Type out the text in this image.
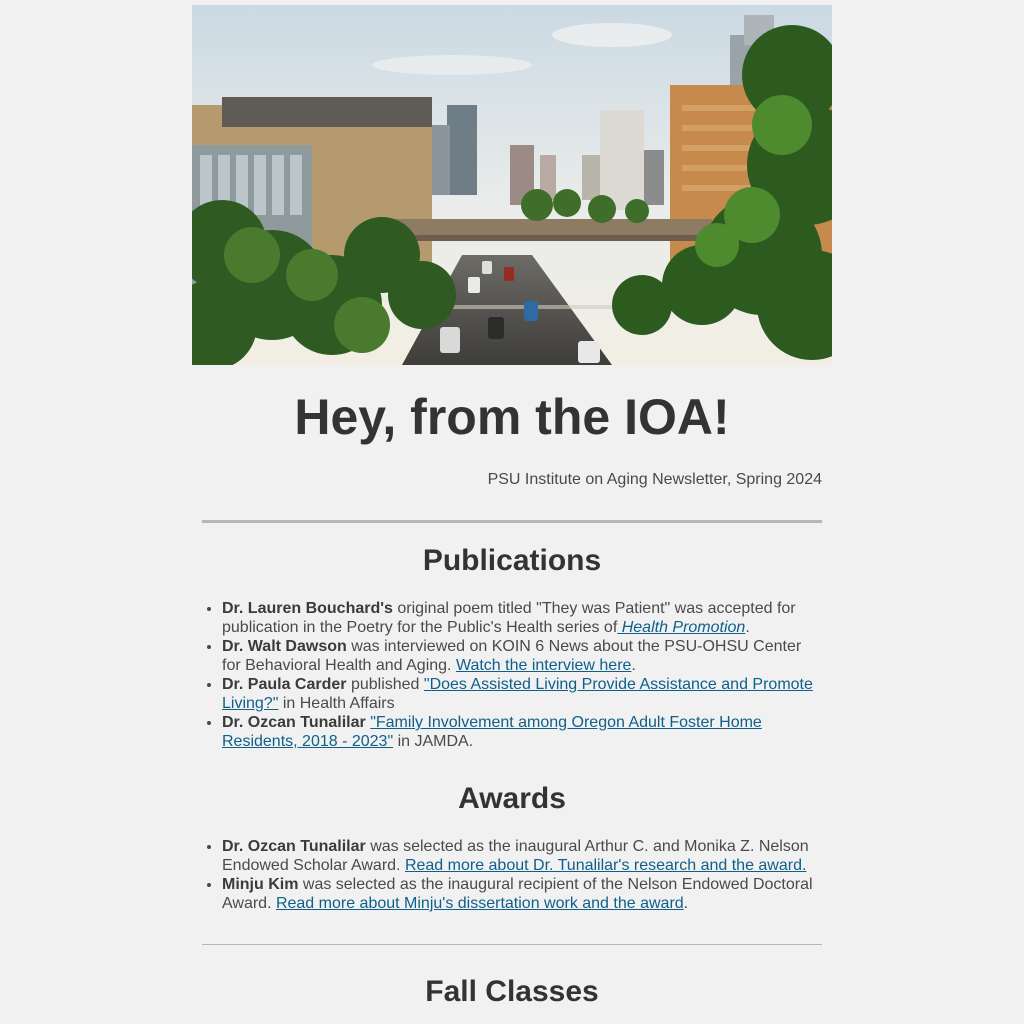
Hey, from the IOA!

PSU Institute on Aging Newsletter, Spring 2024

Publications
• Dr. Lauren Bouchard's original poem titled "They was Patient" was accepted for publication in the Poetry for the Public's Health series of Health Promotion.
• Dr. Walt Dawson was interviewed on KOIN 6 News about the PSU-OHSU Center for Behavioral Health and Aging. Watch the interview here.
• Dr. Paula Carder published "Does Assisted Living Provide Assistance and Promote Living?" in Health Affairs
• Dr. Ozcan Tunalilar "Family Involvement among Oregon Adult Foster Home Residents, 2018 - 2023" in JAMDA.
Awards
• Dr. Ozcan Tunalilar was selected as the inaugural Arthur C. and Monika Z. Nelson Endowed Scholar Award. Read more about Dr. Tunalilar's research and the award.
• Minju Kim was selected as the inaugural recipient of the Nelson Endowed Doctoral Award. Read more about Minju's dissertation work and the award.
Fall Classes
